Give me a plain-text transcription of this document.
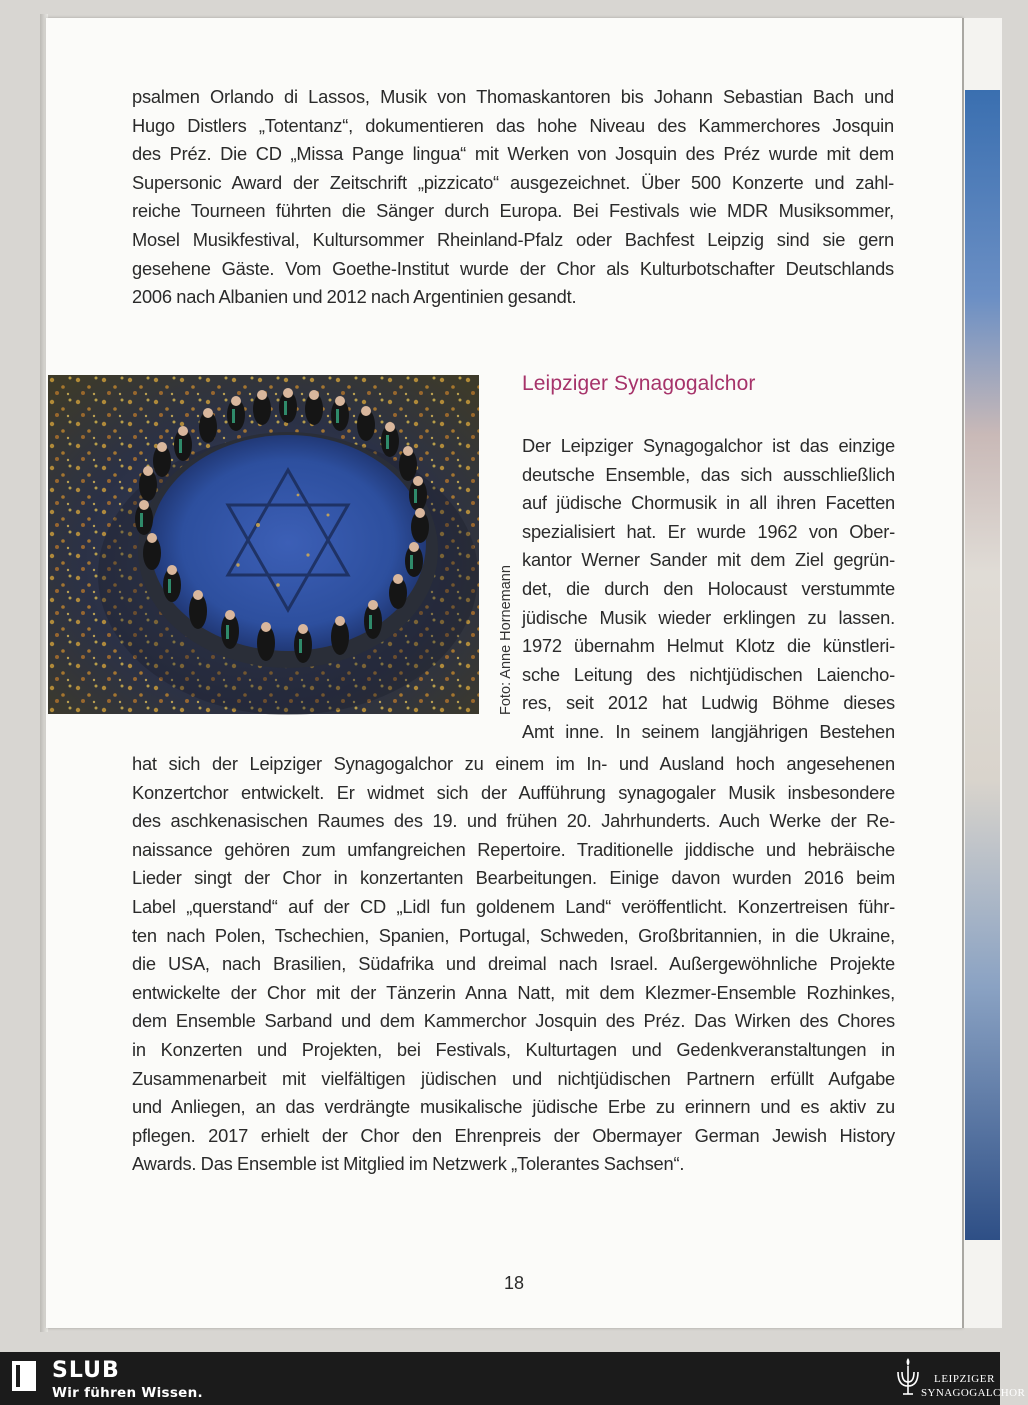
psalmen Orlando di Lassos, Musik von Thomaskantoren bis Johann Sebastian Bach und
Hugo Distlers „Totentanz“, dokumentieren das hohe Niveau des Kammerchores Josquin
des Préz. Die CD „Missa Pange lingua“ mit Werken von Josquin des Préz wurde mit dem
Supersonic Award der Zeitschrift „pizzicato“ ausgezeichnet. Über 500 Konzerte und zahl-
reiche Tourneen führten die Sänger durch Europa. Bei Festivals wie MDR Musiksommer,
Mosel Musikfestival, Kultursommer Rheinland-Pfalz oder Bachfest Leipzig sind sie gern
gesehene Gäste. Vom Goethe-Institut wurde der Chor als Kulturbotschafter Deutschlands
2006 nach Albanien und 2012 nach Argentinien gesandt.
Foto: Anne Hornemann
Leipziger Synagogalchor
Der Leipziger Synagogalchor ist das einzige
deutsche Ensemble, das sich ausschließlich
auf jüdische Chormusik in all ihren Facetten
spezialisiert hat. Er wurde 1962 von Ober-
kantor Werner Sander mit dem Ziel gegrün-
det, die durch den Holocaust verstummte
jüdische Musik wieder erklingen zu lassen.
1972 übernahm Helmut Klotz die künstleri-
sche Leitung des nichtjüdischen Laiencho-
res, seit 2012 hat Ludwig Böhme dieses
Amt inne. In seinem langjährigen Bestehen
hat sich der Leipziger Synagogalchor zu einem im In- und Ausland hoch angesehenen
Konzertchor entwickelt. Er widmet sich der Aufführung synagogaler Musik insbesondere
des aschkenasischen Raumes des 19. und frühen 20. Jahrhunderts. Auch Werke der Re-
naissance gehören zum umfangreichen Repertoire. Traditionelle jiddische und hebräische
Lieder singt der Chor in konzertanten Bearbeitungen. Einige davon wurden 2016 beim
Label „querstand“ auf der CD „Lidl fun goldenem Land“ veröffentlicht. Konzertreisen führ-
ten nach Polen, Tschechien, Spanien, Portugal, Schweden, Großbritannien, in die Ukraine,
die USA, nach Brasilien, Südafrika und dreimal nach Israel. Außergewöhnliche Projekte
entwickelte der Chor mit der Tänzerin Anna Natt, mit dem Klezmer-Ensemble Rozhinkes,
dem Ensemble Sarband und dem Kammerchor Josquin des Préz. Das Wirken des Chores
in Konzerten und Projekten, bei Festivals, Kulturtagen und Gedenkveranstaltungen in
Zusammenarbeit mit vielfältigen jüdischen und nichtjüdischen Partnern erfüllt Aufgabe
und Anliegen, an das verdrängte musikalische jüdische Erbe zu erinnern und es aktiv zu
pflegen. 2017 erhielt der Chor den Ehrenpreis der Obermayer German Jewish History
Awards. Das Ensemble ist Mitglied im Netzwerk „Tolerantes Sachsen“.
18
SLUB
Wir führen Wissen.
LEIPZIGER
SYNAGOGALCHOR
